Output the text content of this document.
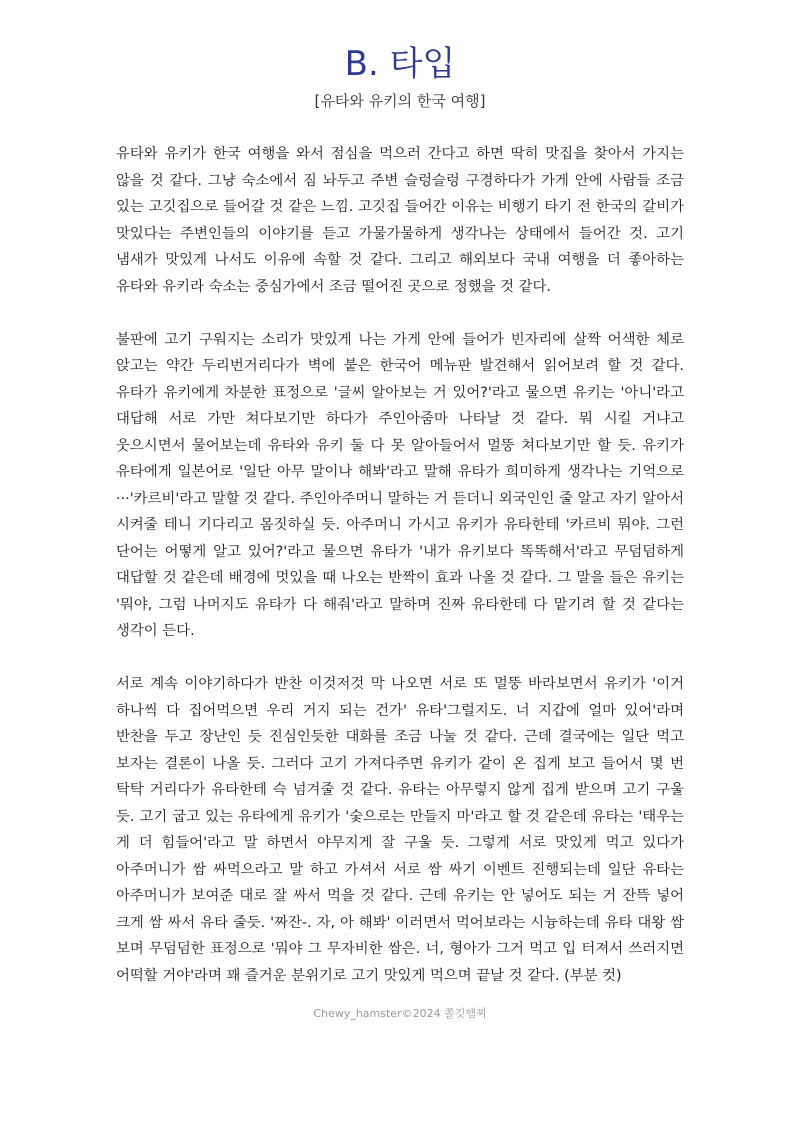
B. 타입

[유타와 유키의 한국 여행]

유타와 유키가 한국 여행을 와서 점심을 먹으러 간다고 하면 딱히 맛집을 찾아서 가지는 않을 것 같다. 그냥 숙소에서 짐 놔두고 주변 슬렁슬렁 구경하다가 가게 안에 사람들 조금 있는 고깃집으로 들어갈 것 같은 느낌. 고깃집 들어간 이유는 비행기 타기 전 한국의 갈비가 맛있다는 주변인들의 이야기를 듣고 가물가물하게 생각나는 상태에서 들어간 것. 고기 냄새가 맛있게 나서도 이유에 속할 것 같다. 그리고 해외보다 국내 여행을 더 좋아하는 유타와 유키라 숙소는 중심가에서 조금 떨어진 곳으로 정했을 것 같다.

불판에 고기 구워지는 소리가 맛있게 나는 가게 안에 들어가 빈자리에 살짝 어색한 체로 앉고는 약간 두리번거리다가 벽에 붙은 한국어 메뉴판 발견해서 읽어보려 할 것 같다. 유타가 유키에게 차분한 표정으로 '글씨 알아보는 거 있어?'라고 물으면 유키는 '아니'라고 대답해 서로 가만 쳐다보기만 하다가 주인아줌마 나타날 것 같다. 뭐 시킬 거냐고 웃으시면서 물어보는데 유타와 유키 둘 다 못 알아들어서 멀뚱 쳐다보기만 할 듯. 유키가 유타에게 일본어로 '일단 아무 말이나 해봐'라고 말해 유타가 희미하게 생각나는 기억으로 ···'카르비'라고 말할 것 같다. 주인아주머니 말하는 거 듣더니 외국인인 줄 알고 자기 알아서 시켜줄 테니 기다리고 몸짓하실 듯. 아주머니 가시고 유키가 유타한테 '카르비 뭐야. 그런 단어는 어떻게 알고 있어?'라고 물으면 유타가 '내가 유키보다 똑똑해서'라고 무덤덤하게 대답할 것 같은데 배경에 멋있을 때 나오는 반짝이 효과 나올 것 같다. 그 말을 들은 유키는 '뭐야, 그럼 나머지도 유타가 다 해줘'라고 말하며 진짜 유타한테 다 맡기려 할 것 같다는 생각이 든다.

서로 계속 이야기하다가 반찬 이것저것 막 나오면 서로 또 멀뚱 바라보면서 유키가 '이거 하나씩 다 집어먹으면 우리 거지 되는 건가' 유타'그럴지도. 너 지갑에 얼마 있어'라며 반찬을 두고 장난인 듯 진심인듯한 대화를 조금 나눌 것 같다. 근데 결국에는 일단 먹고 보자는 결론이 나올 듯. 그러다 고기 가져다주면 유키가 같이 온 집게 보고 들어서 몇 번 탁탁 거리다가 유타한테 슥 넘겨줄 것 같다. 유타는 아무렇지 않게 집게 받으며 고기 구울 듯. 고기 굽고 있는 유타에게 유키가 '숯으로는 만들지 마'라고 할 것 같은데 유타는 '태우는 게 더 힘들어'라고 말 하면서 야무지게 잘 구울 듯. 그렇게 서로 맛있게 먹고 있다가 아주머니가 쌈 싸먹으라고 말 하고 가셔서 서로 쌈 싸기 이벤트 진행되는데 일단 유타는 아주머니가 보여준 대로 잘 싸서 먹을 것 같다. 근데 유키는 안 넣어도 되는 거 잔뜩 넣어 크게 쌈 싸서 유타 줄듯. '짜잔-. 자, 아 해봐' 이러면서 먹어보라는 시늉하는데 유타 대왕 쌈 보며 무덤덤한 표정으로 '뭐야 그 무자비한 쌈은. 너, 형아가 그거 먹고 입 터져서 쓰러지면 어떡할 거야'라며 꽤 즐거운 분위기로 고기 맛있게 먹으며 끝날 것 같다. (부분 컷)

Chewy_hamster©2024 쫄깃햄찌
